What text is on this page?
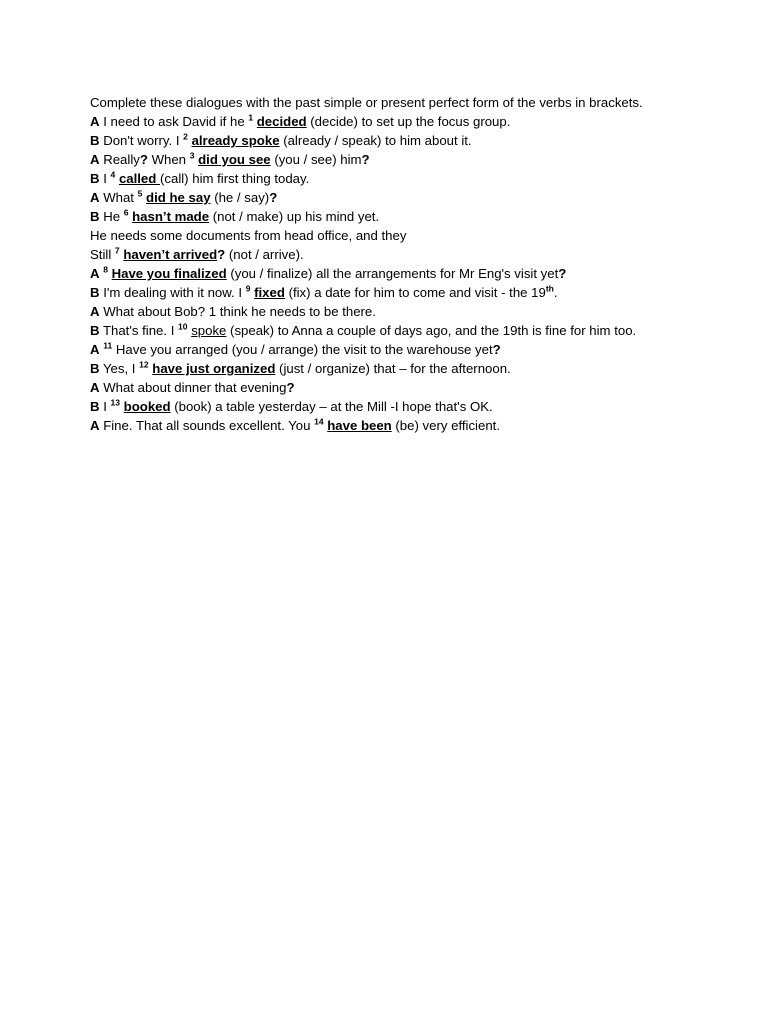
Complete these dialogues with the past simple or present perfect form of the verbs in brackets.
A I need to ask David if he $^1$ decided (decide) to set up the focus group.
B Don't worry. I $^2$ already spoke (already / speak) to him about it.
A Really? When $^3$ did you see (you / see) him?
B I $^4$ called (call) him first thing today.
A What $^5$ did he say (he / say)?
B He $^6$ hasn’t made (not / make) up his mind yet.
He needs some documents from head office, and they
Still $^7$ haven’t arrived? (not / arrive).
A $^8$ Have you finalized (you / finalize) all the arrangements for Mr Eng's visit yet?
B I'm dealing with it now. I $^9$ fixed (fix) a date for him to come and visit - the 19th.
A What about Bob? 1 think he needs to be there.
B That's fine. I $^{10}$ spoke (speak) to Anna a couple of days ago, and the 19th is fine for him too.
A $^{11}$ Have you arranged (you / arrange) the visit to the warehouse yet?
B Yes, I $^{12}$ have just organized (just / organize) that – for the afternoon.
A What about dinner that evening?
B I $^{13}$ booked (book) a table yesterday – at the Mill -I hope that's OK.
A Fine. That all sounds excellent. You $^{14}$ have been (be) very efficient.
